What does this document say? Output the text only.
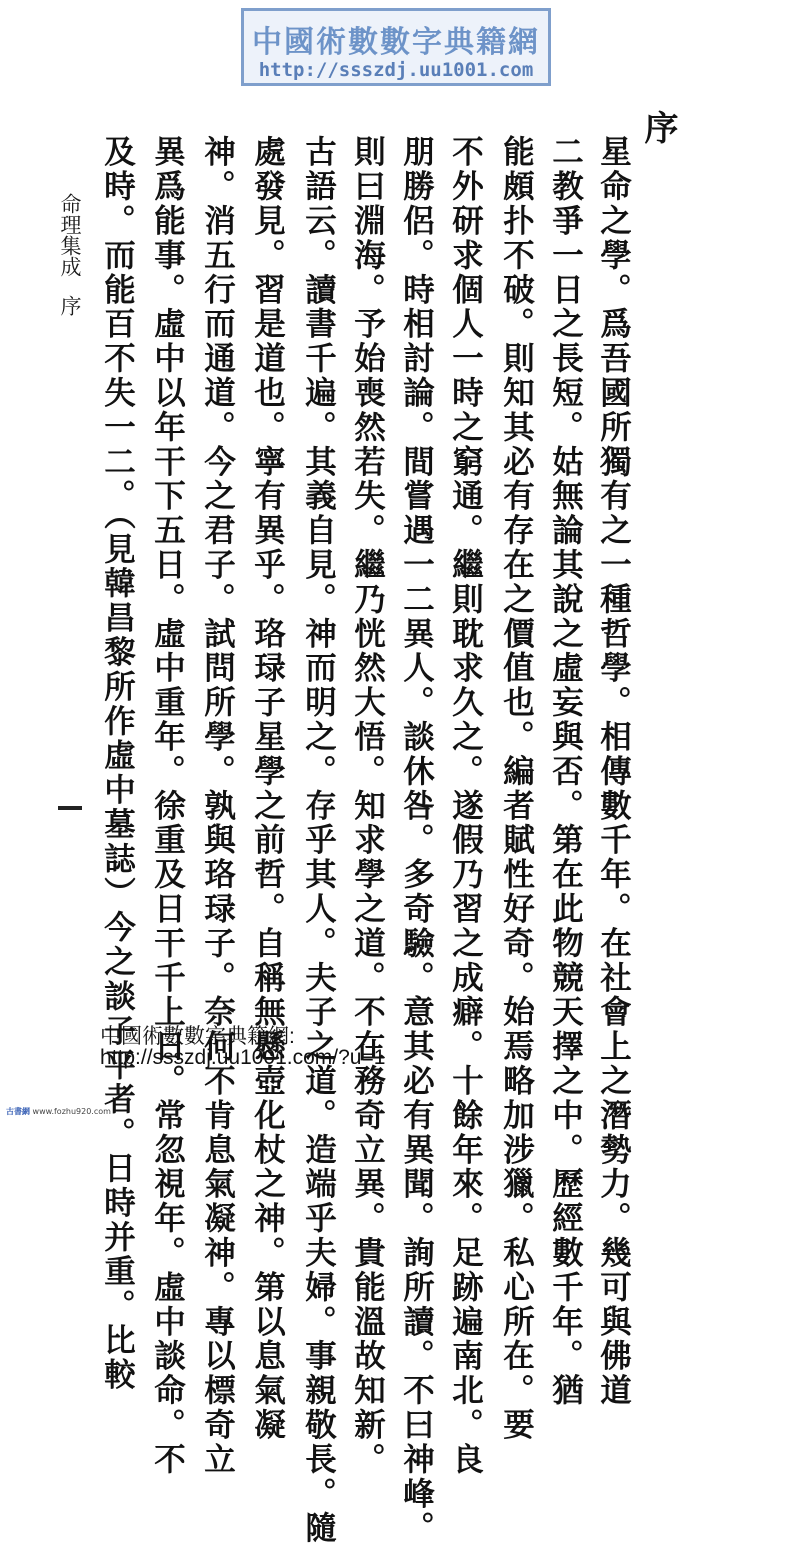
中國術數數字典籍網
http://ssszdj.uu1001.com
序
星命之學。爲吾國所獨有之一種哲學。相傳數千年。在社會上之潛勢力。幾可與佛道
二教爭一日之長短。姑無論其說之虛妄與否。第在此物競天擇之中。歷經數千年。猶
能頗扑不破。則知其必有存在之價值也。編者賦性好奇。始焉略加涉獵。私心所在。要
不外研求個人一時之窮通。繼則耽求久之。遂假乃習之成癖。十餘年來。足跡遍南北。良
朋勝侶。時相討論。間嘗遇一二異人。談休咎。多奇驗。意其必有異聞。詢所讀。不曰神峰。
則曰淵海。予始喪然若失。繼乃恍然大悟。知求學之道。不在務奇立異。貴能溫故知新。
古語云。讀書千遍。其義自見。神而明之。存乎其人。夫子之道。造端乎夫婦。事親敬長。隨
處發見。習是道也。寧有異乎。珞琭子星學之前哲。自稱無懸壺化杖之神。第以息氣凝
神。消五行而通道。今之君子。試問所學。孰與珞琭子。奈何不肯息氣凝神。專以標奇立
異爲能事。虛中以年干下五日。虛中重年。徐重及日干千上日。常忽視年。虛中談命。不
及時。而能百不失一二。（見韓昌黎所作虛中墓誌）今之談子平者。日時并重。比較
命理集成
序
中國術數數字典籍網:
http://ssszdj.uu1001.com/?u=1
古書網 www.fozhu920.com
